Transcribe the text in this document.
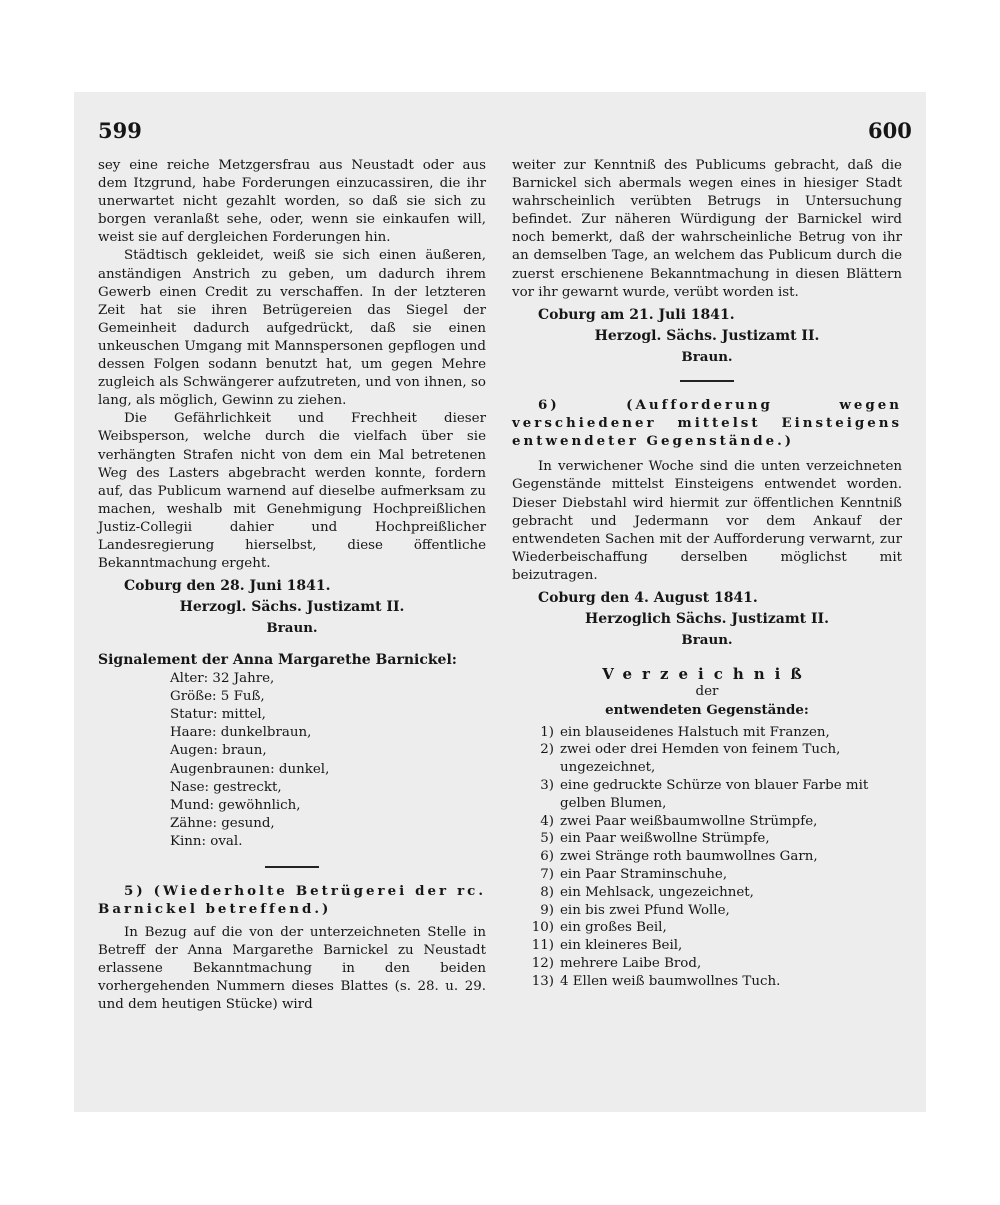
599	600

sey eine reiche Metzgersfrau aus Neustadt oder aus dem Itzgrund, habe Forderungen einzucassiren, die ihr unerwartet nicht gezahlt worden, so daß sie sich zu borgen veranlaßt sehe, oder, wenn sie einkaufen will, weist sie auf dergleichen Forderungen hin.

Städtisch gekleidet, weiß sie sich einen äußeren, anständigen Anstrich zu geben, um dadurch ihrem Gewerb einen Credit zu verschaffen. In der letzteren Zeit hat sie ihren Betrügereien das Siegel der Gemeinheit dadurch aufgedrückt, daß sie einen unkeuschen Umgang mit Mannspersonen gepflogen und dessen Folgen sodann benutzt hat, um gegen Mehre zugleich als Schwängerer aufzutreten, und von ihnen, so lang, als möglich, Gewinn zu ziehen.

Die Gefährlichkeit und Frechheit dieser Weibsperson, welche durch die vielfach über sie verhängten Strafen nicht von dem ein Mal betretenen Weg des Lasters abgebracht werden konnte, fordern auf, das Publicum warnend auf dieselbe aufmerksam zu machen, weshalb mit Genehmigung Hochpreißlichen Justiz-Collegii dahier und Hochpreißlicher Landesregierung hierselbst, diese öffentliche Bekanntmachung ergeht.

Coburg den 28. Juni 1841.

Herzogl. Sächs. Justizamt II.

Braun.

Signalement der Anna Margarethe Barnickel:

Alter: 32 Jahre,
Größe: 5 Fuß,
Statur: mittel,
Haare: dunkelbraun,
Augen: braun,
Augenbraunen: dunkel,
Nase: gestreckt,
Mund: gewöhnlich,
Zähne: gesund,
Kinn: oval.

5) (Wiederholte Betrügerei der rc. Barnickel betreffend.)

In Bezug auf die von der unterzeichneten Stelle in Betreff der Anna Margarethe Barnickel zu Neustadt erlassene Bekanntmachung in den beiden vorhergehenden Nummern dieses Blattes (s. 28. u. 29. und dem heutigen Stücke) wird

weiter zur Kenntniß des Publicums gebracht, daß die Barnickel sich abermals wegen eines in hiesiger Stadt wahrscheinlich verübten Betrugs in Untersuchung befindet. Zur näheren Würdigung der Barnickel wird noch bemerkt, daß der wahrscheinliche Betrug von ihr an demselben Tage, an welchem das Publicum durch die zuerst erschienene Bekanntmachung in diesen Blättern vor ihr gewarnt wurde, verübt worden ist.

Coburg am 21. Juli 1841.

Herzogl. Sächs. Justizamt II.

Braun.

6) (Aufforderung wegen verschiedener mittelst Einsteigens entwendeter Gegenstände.)

In verwichener Woche sind die unten verzeichneten Gegenstände mittelst Einsteigens entwendet worden. Dieser Diebstahl wird hiermit zur öffentlichen Kenntniß gebracht und Jedermann vor dem Ankauf der entwendeten Sachen mit der Aufforderung verwarnt, zur Wiederbeischaffung derselben möglichst mit beizutragen.

Coburg den 4. August 1841.

Herzoglich Sächs. Justizamt II.

Braun.

Verzeichniß

der

entwendeten Gegenstände:

1) ein blauseidenes Halstuch mit Franzen,
2) zwei oder drei Hemden von feinem Tuch, ungezeichnet,
3) eine gedruckte Schürze von blauer Farbe mit gelben Blumen,
4) zwei Paar weißbaumwollne Strümpfe,
5) ein Paar weißwollne Strümpfe,
6) zwei Stränge roth baumwollnes Garn,
7) ein Paar Straminschuhe,
8) ein Mehlsack, ungezeichnet,
9) ein bis zwei Pfund Wolle,
10) ein großes Beil,
11) ein kleineres Beil,
12) mehrere Laibe Brod,
13) 4 Ellen weiß baumwollnes Tuch.
